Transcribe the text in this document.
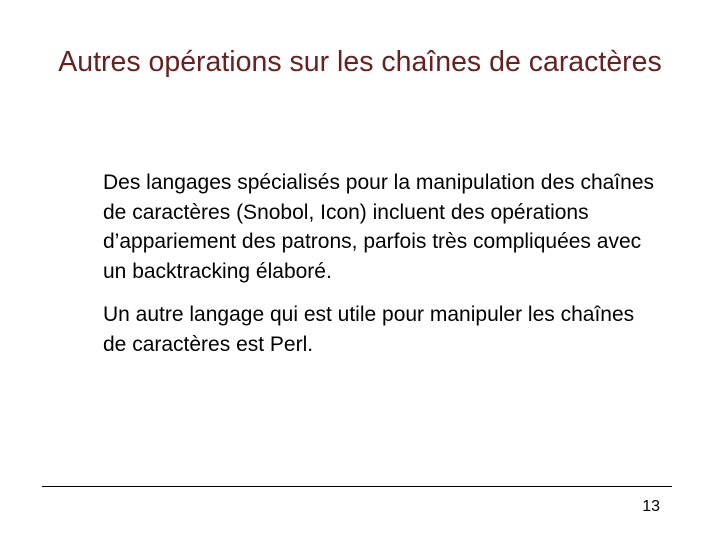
Autres opérations sur les chaînes de caractères

Des langages spécialisés pour la manipulation des chaînes de caractères (Snobol, Icon) incluent des opérations d’appariement des patrons, parfois très compliquées avec un backtracking élaboré.

Un autre langage qui est utile pour manipuler les chaînes de caractères est Perl.

13
